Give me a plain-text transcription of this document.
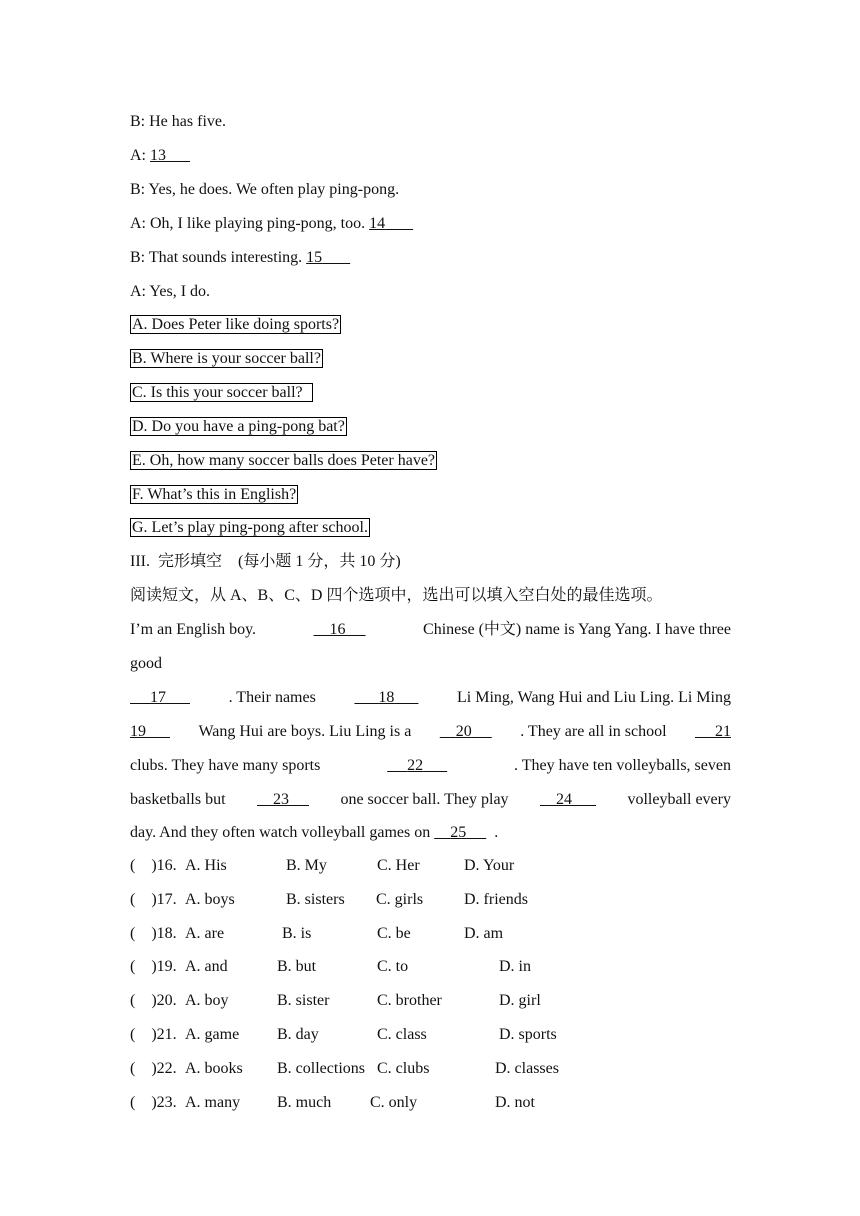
B: He has five.
A: 13
B: Yes, he does. We often play ping-pong.
A: Oh, I like playing ping-pong, too. 14
B: That sounds interesting. 15
A: Yes, I do.
A. Does Peter like doing sports?
B. Where is your soccer ball?
C. Is this your soccer ball?
D. Do you have a ping-pong bat?
E. Oh, how many soccer balls does Peter have?
F. What’s this in English?
G. Let’s play ping-pong after school.
III.  完形填空    (每小题 1 分，共 10 分)
阅读短文，从 A、B、C、D 四个选项中，选出可以填入空白处的最佳选项。
I’m an English boy.	16	Chinese (中文) name is Yang Yang. I have three
good
17	. Their names	18	Li Ming, Wang Hui and Liu Ling. Li Ming
19	Wang Hui are boys. Liu Ling is a	20	. They are all in school	21
clubs. They have many sports	22	. They have ten volleyballs, seven
basketballs but	23	one soccer ball. They play	24	volleyball every
day. And they often watch volleyball games on 25 .
(    )16. A. His	B. My	C. Her	D. Your
(    )17. A. boys	B. sisters C. girls	D. friends
(    )18. A. are	B. is	C. be	D. am
(    )19. A. and	B. but	C. to	D. in
(    )20. A. boy	B. sister	C. brother	D. girl
(    )21. A. game B. day	C. class	D. sports
(    )22. A. books B. collections C. clubs	D. classes
(    )23. A. many B. much C. only	D. not
